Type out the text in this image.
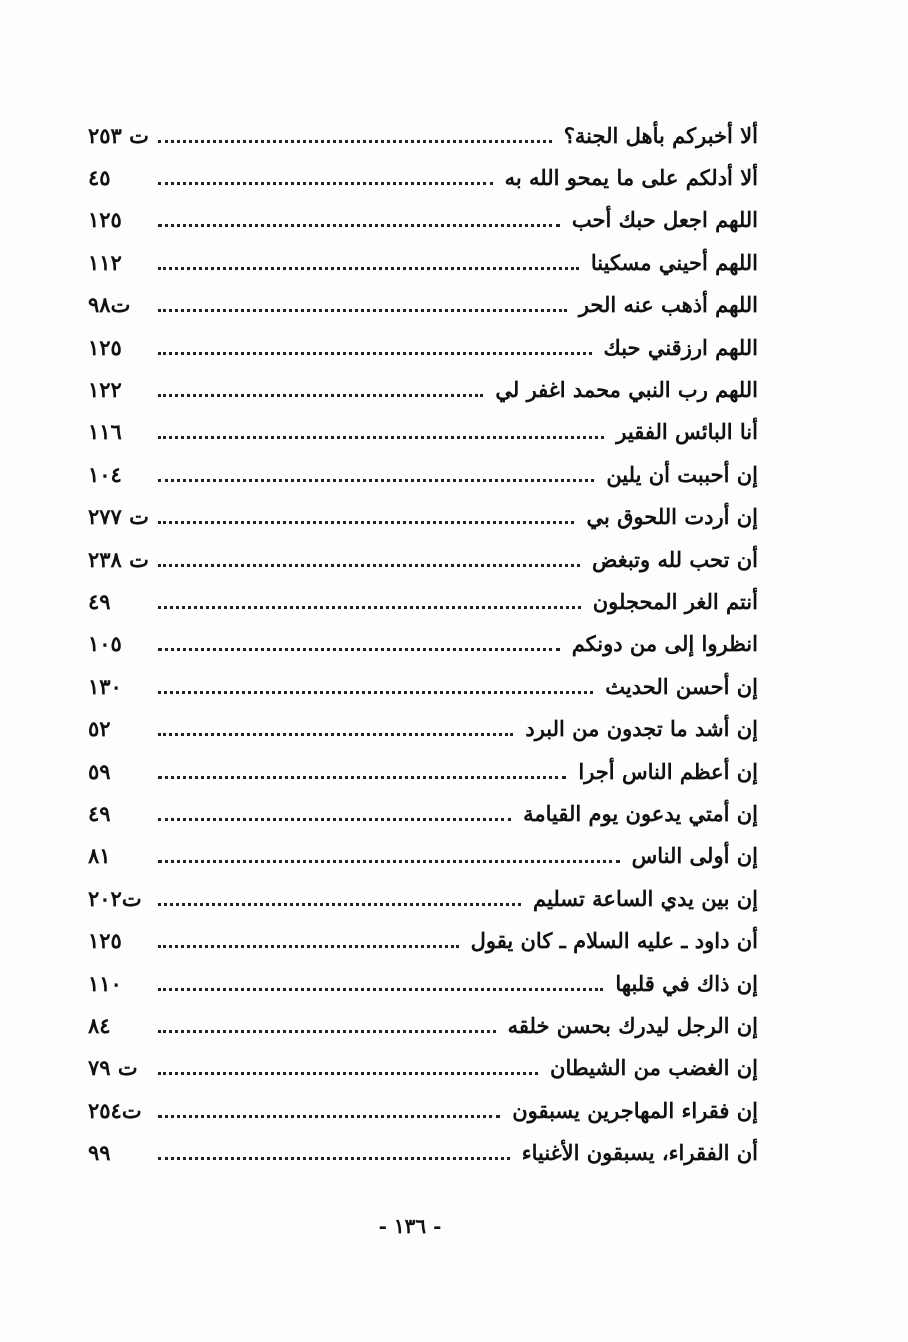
ألا أخبركم بأهل الجنة؟
ت ٢٥٣
ألا أدلكم على ما يمحو الله به
٤٥
اللهم اجعل حبك أحب
١٢٥
اللهم أحيني مسكينا
١١٢
اللهم أذهب عنه الحر
ت٩٨
اللهم ارزقني حبك
١٢٥
اللهم رب النبي محمد اغفر لي
١٢٢
أنا البائس الفقير
١١٦
إن أحببت أن يلين
١٠٤
إن أردت اللحوق بي
ت ٢٧٧
أن تحب لله وتبغض
ت ٢٣٨
أنتم الغر المحجلون
٤٩
انظروا إلى من دونكم
١٠٥
إن أحسن الحديث
١٣٠
إن أشد ما تجدون من البرد
٥٢
إن أعظم الناس أجرا
٥٩
إن أمتي يدعون يوم القيامة
٤٩
إن أولى الناس
٨١
إن بين يدي الساعة تسليم
ت٢٠٢
أن داود ـ عليه السلام ـ كان يقول
١٢٥
إن ذاك في قلبها
١١٠
إن الرجل ليدرك بحسن خلقه
٨٤
إن الغضب من الشيطان
ت ٧٩
إن فقراء المهاجرين يسبقون
ت٢٥٤
أن الفقراء، يسبقون الأغنياء
٩٩
- ١٣٦ -
